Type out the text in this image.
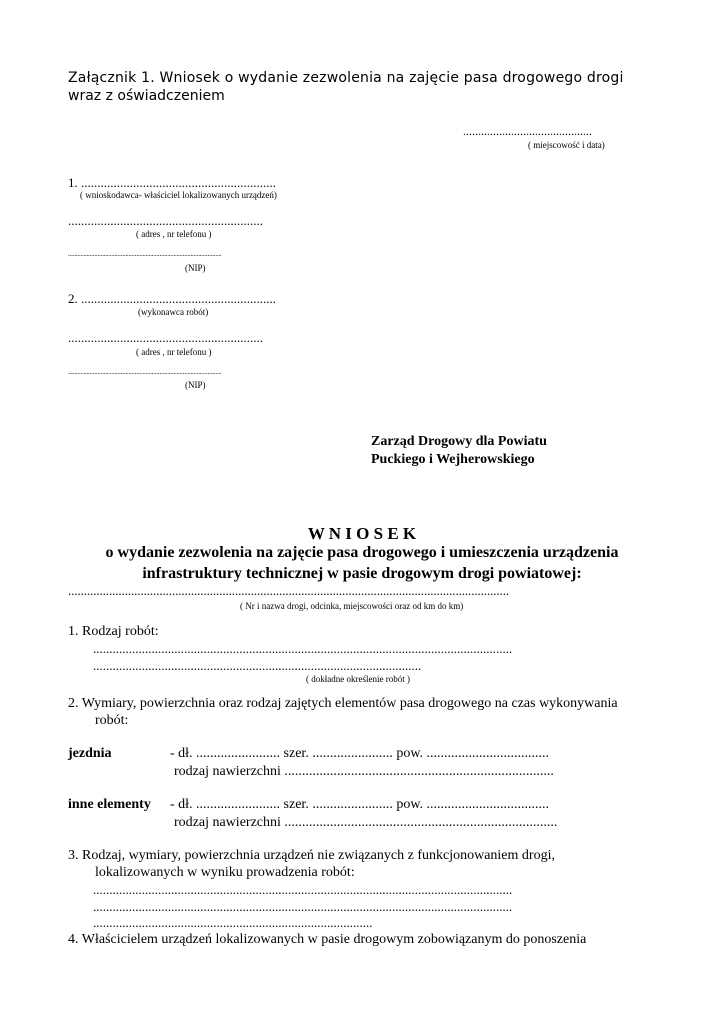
Załącznik 1. Wniosek o wydanie zezwolenia na zajęcie pasa drogowego drogi
wraz z oświadczeniem
...........................................
( miejscowość i data)
1. ............................................................
( wnioskodawca- właściciel lokalizowanych urządzeń)
............................................................
( adres , nr telefonu )
...................................................................................................
(NIP)
2. ............................................................
(wykonawca robót)
............................................................
( adres , nr telefonu )
...................................................................................................
(NIP)
Zarząd Drogowy dla Powiatu
Puckiego i Wejherowskiego
W N I O S E K
o wydanie zezwolenia na zajęcie pasa drogowego i umieszczenia urządzenia
infrastruktury technicznej w pasie drogowym drogi powiatowej:
............................................................................................................................................
( Nr i nazwa drogi, odcinka, miejscowości oraz od km do km)
1. Rodzaj robót:
.................................................................................................................................
.....................................................................................................
( dokładne określenie robót )
2. Wymiary, powierzchnia oraz rodzaj zajętych elementów pasa drogowego na czas wykonywania
robót:
jezdnia	- dł. ........................ szer. ....................... pow. ...................................
rodzaj nawierzchni .............................................................................
inne elementy - dł. ........................ szer. ....................... pow. ...................................
rodzaj nawierzchni ..............................................................................
3. Rodzaj, wymiary, powierzchnia urządzeń nie związanych z funkcjonowaniem drogi,
lokalizowanych w wyniku prowadzenia robót:
.................................................................................................................................
.................................................................................................................................
......................................................................................
4. Właścicielem urządzeń lokalizowanych w pasie drogowym zobowiązanym do ponoszenia
